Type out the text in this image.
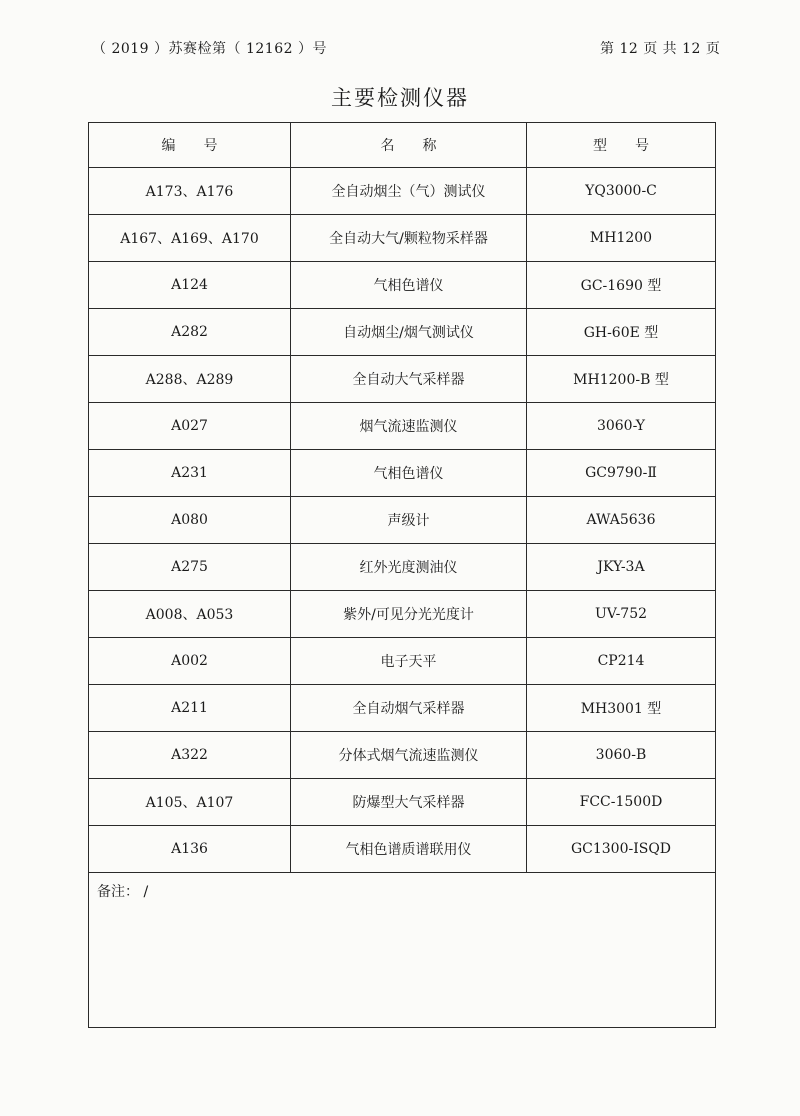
（ 2019 ）苏赛检第（ 12162 ）号	第 12 页 共 12 页
主要检测仪器
编号	名称	型号
A173、A176	全自动烟尘（气）测试仪	YQ3000-C
A167、A169、A170	全自动大气/颗粒物采样器	MH1200
A124	气相色谱仪	GC-1690 型
A282	自动烟尘/烟气测试仪	GH-60E 型
A288、A289	全自动大气采样器	MH1200-B 型
A027	烟气流速监测仪	3060-Y
A231	气相色谱仪	GC9790-Ⅱ
A080	声级计	AWA5636
A275	红外光度测油仪	JKY-3A
A008、A053	紫外/可见分光光度计	UV-752
A002	电子天平	CP214
A211	全自动烟气采样器	MH3001 型
A322	分体式烟气流速监测仪	3060-B
A105、A107	防爆型大气采样器	FCC-1500D
A136	气相色谱质谱联用仪	GC1300-ISQD
备注： /		
